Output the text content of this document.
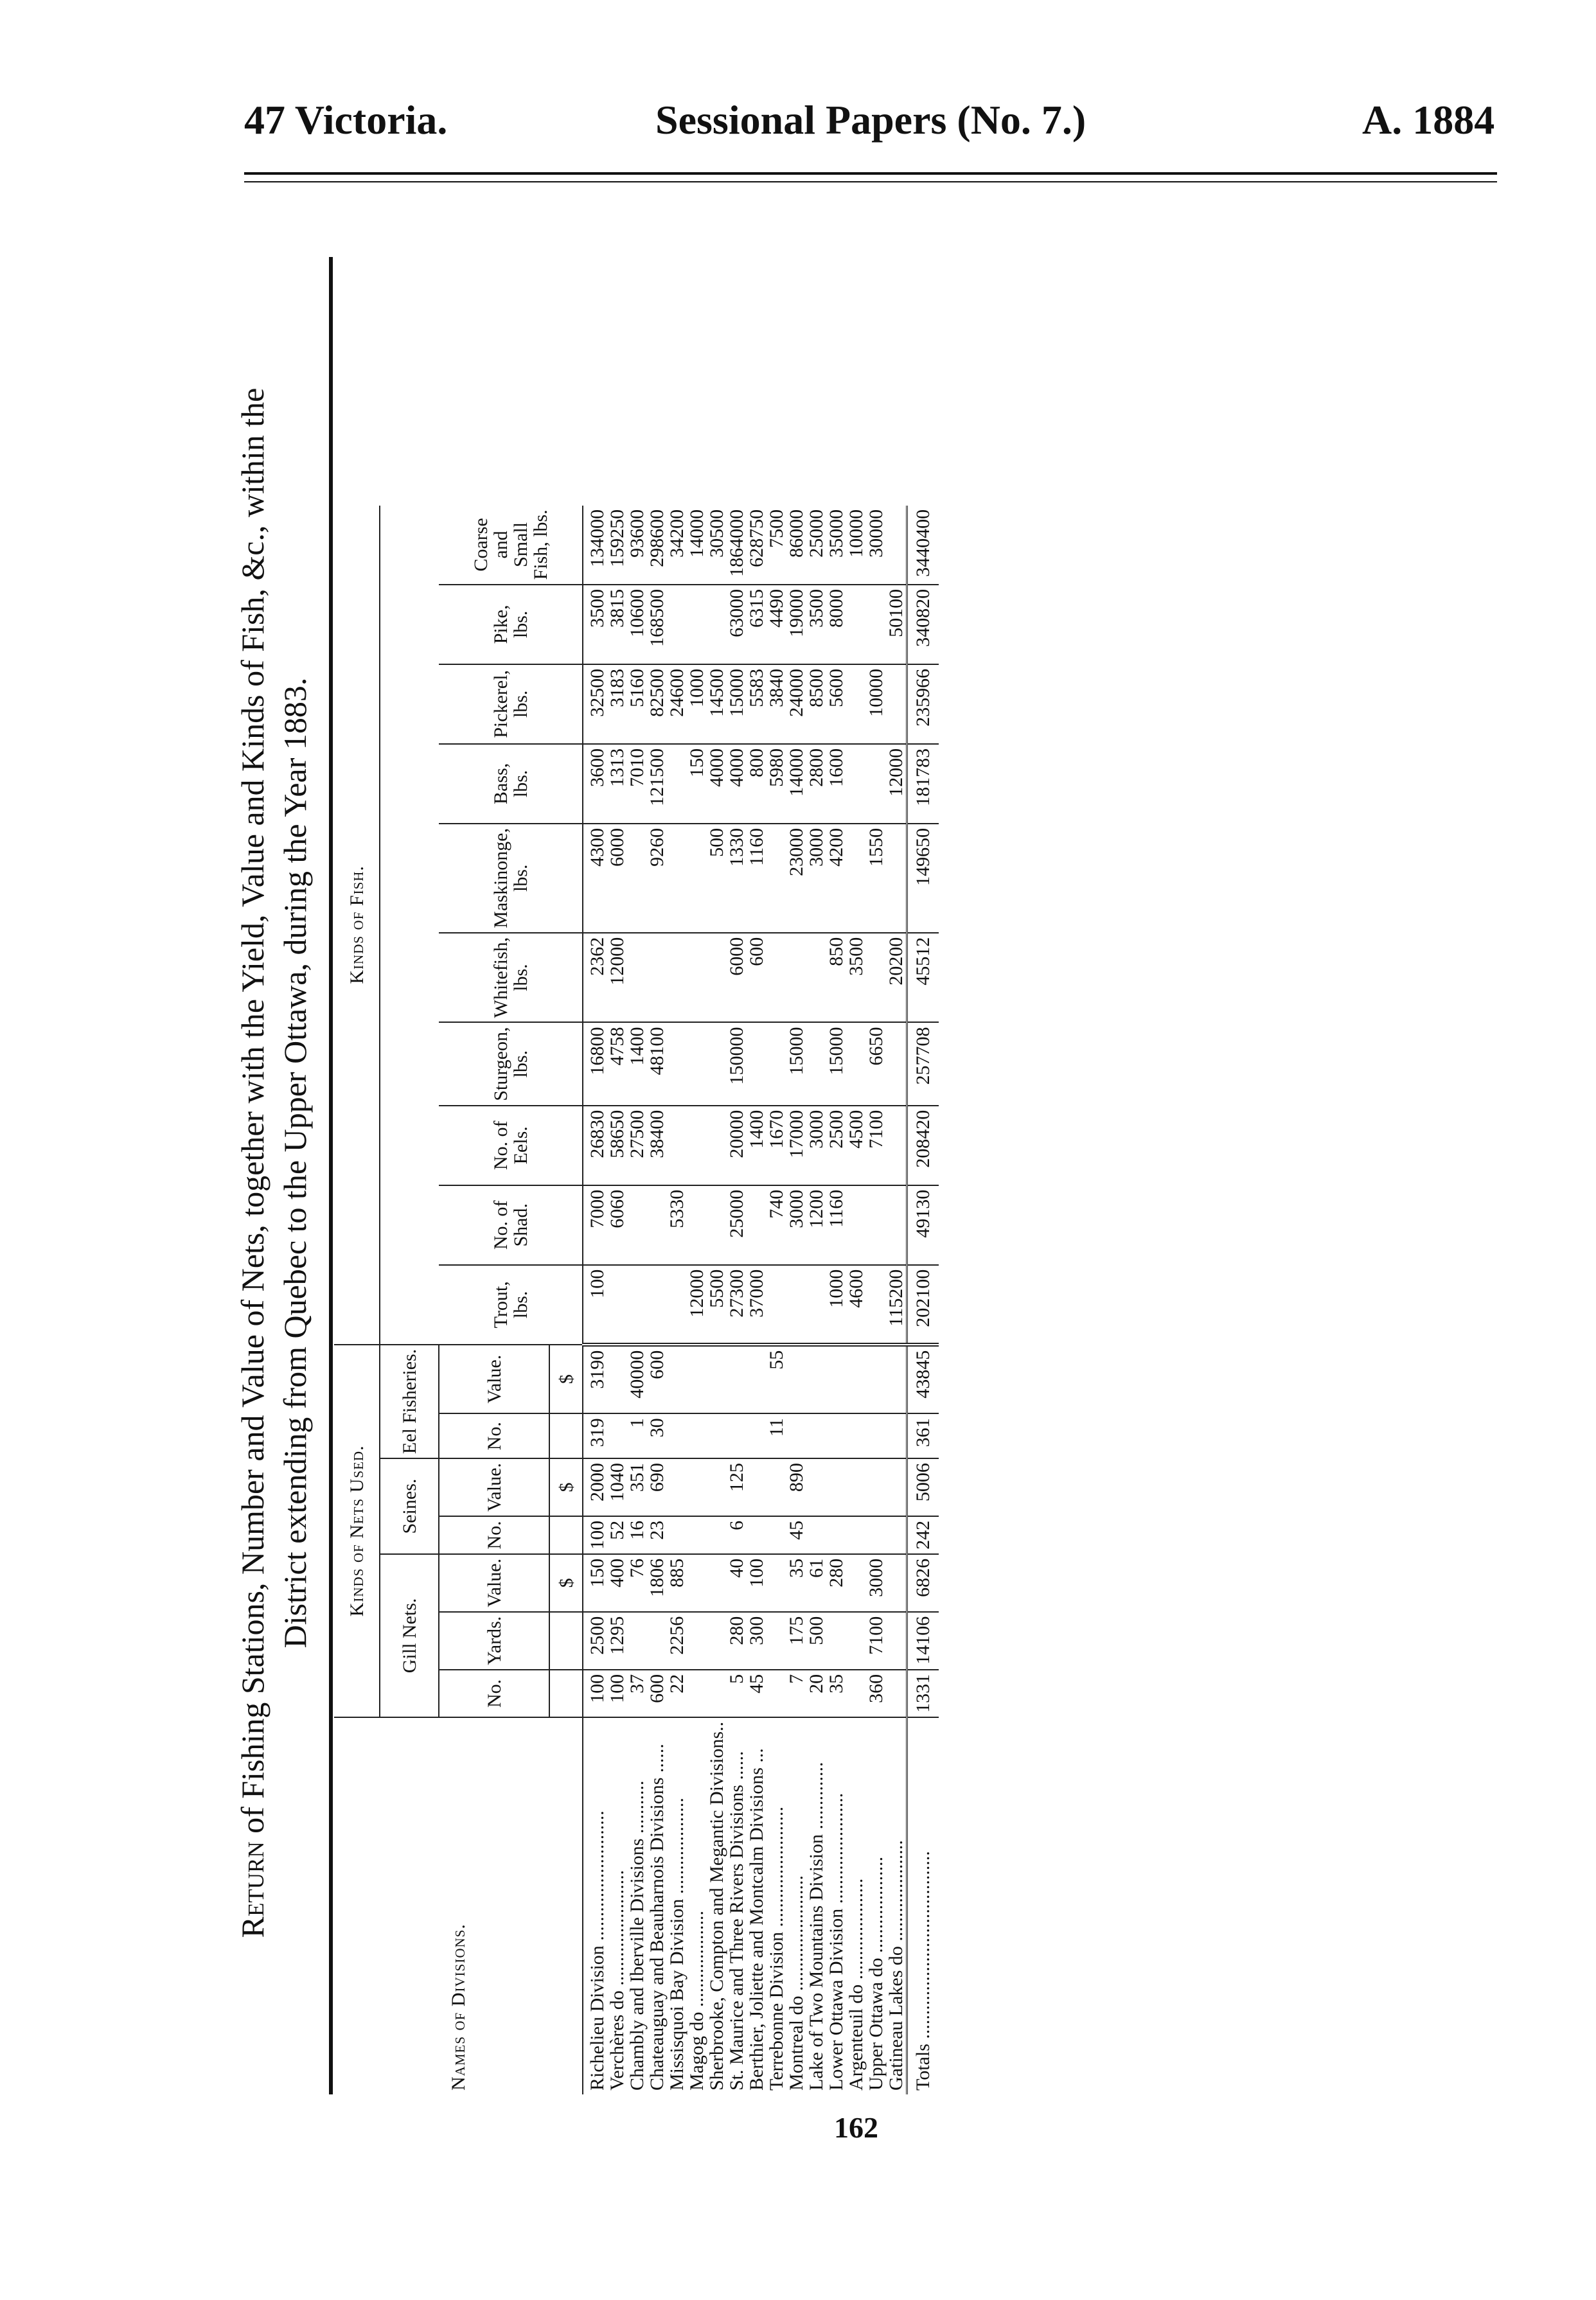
47 Victoria.	Sessional Papers (No. 7.)	A. 1884
Return of Fishing Stations, Number and Value of Nets, together with the Yield, Value and Kinds of Fish, &c., within the District extending from Quebec to the Upper Ottawa, during the Year 1883.
Names of Divisions.	Kinds of Nets Used.							Kinds of Fish.									
	Gill Nets.			Seines.		Eel Fisheries.											
	No.	Yards.	Value.	No.	Value.	No.	Value.	Trout, lbs.	No. of Shad.	No. of Eels.	Sturgeon, lbs.	Whitefish, lbs.	Maskinonge, lbs.	Bass, lbs.	Pickerel, lbs.	Pike, lbs.	Coarse and Small Fish, lbs.
			$		$		$										
Richelieu Division ...........................	100	2500	150	100	2000	319	3190	100	7000	26830	16800	2362	4300	3600	32500	3500	134000
Verchères do ........................	100	1295	400	52	1040				6060	58650	4758	12000	6000	1313	3183	3815	159250
Chambly and Iberville Divisions ...........	37		76	16	351	1	40000			27500	1400			7010	5160	10600	93600
Chateauguay and Beauharnois Divisions ......	600		1806	23	690	30	600			38400	48100		9260	121500	82500	168500	298600
Missisquoi Bay Division ....................	22	2256	885						5330						24600		34200
Magog do ....................								12000						150	1000		14000
Sherbrooke, Compton and Megantic Divisions..								5500					500	4000	14500		30500
St. Maurice and Three Rivers Divisions ......	5	280	40	6	125			27300	25000	20000	150000	6000	1330	4000	15000	63000	1864000
Berthier, Joliette and Montcalm Divisions ...	45	300	100					37000		1400		600	1160	800	5583	6315	628750
Terrebonne Division .........................						11	55		740	1670				5980	3840	4490	7500
Montreal do ........................	7	175	35	45	890				3000	17000	15000		23000	14000	24000	19000	86000
Lake of Two Mountains Division ..............	20	500	61						1200	3000			3000	2800	8500	3500	25000
Lower Ottawa Division .......................	35		280					1000	1160	2500	15000	850	4200	1600	5600	8000	35000
Argenteuil do .....................								4600		4500		3500					10000
Upper Ottawa do ....................	360	7100	3000							7100	6650		1550		10000		30000
Gatineau Lakes do .....................								115200				20200		12000		50100	
Totals .......................................	1331	14106	6826	242	5006	361	43845	202100	49130	208420	257708	45512	149650	181783	235966	340820	3440400
162
